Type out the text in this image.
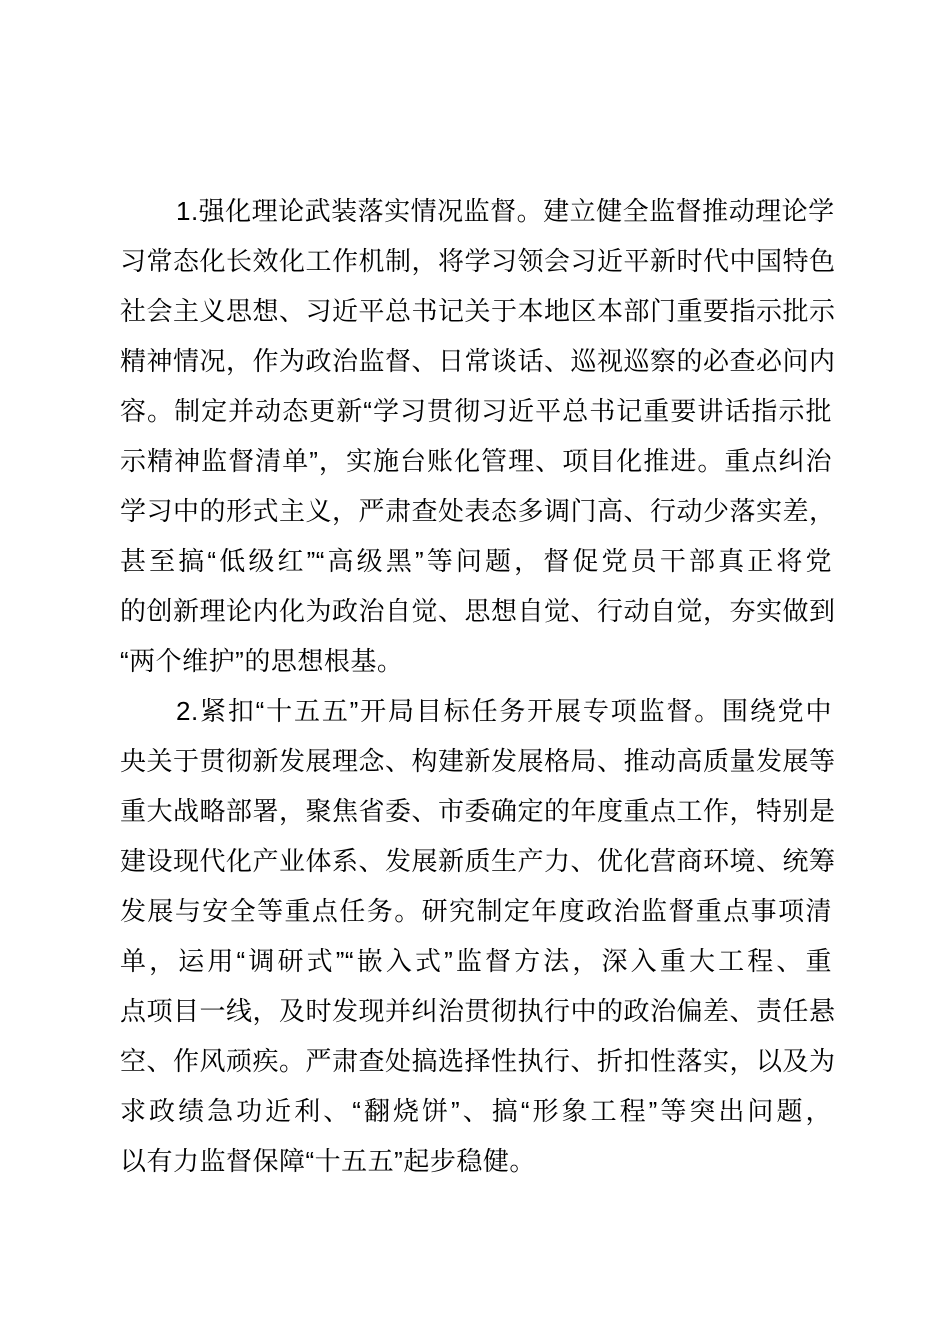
1.强化理论武装落实情况监督。建立健全监督推动理论学
习常态化长效化工作机制，将学习领会习近平新时代中国特色
社会主义思想、习近平总书记关于本地区本部门重要指示批示
精神情况，作为政治监督、日常谈话、巡视巡察的必查必问内
容。制定并动态更新“学习贯彻习近平总书记重要讲话指示批
示精神监督清单”，实施台账化管理、项目化推进。重点纠治
学习中的形式主义，严肃查处表态多调门高、行动少落实差，
甚至搞“低级红”“高级黑”等问题，督促党员干部真正将党
的创新理论内化为政治自觉、思想自觉、行动自觉，夯实做到
“两个维护”的思想根基。
2.紧扣“十五五”开局目标任务开展专项监督。围绕党中
央关于贯彻新发展理念、构建新发展格局、推动高质量发展等
重大战略部署，聚焦省委、市委确定的年度重点工作，特别是
建设现代化产业体系、发展新质生产力、优化营商环境、统筹
发展与安全等重点任务。研究制定年度政治监督重点事项清
单，运用“调研式”“嵌入式”监督方法，深入重大工程、重
点项目一线，及时发现并纠治贯彻执行中的政治偏差、责任悬
空、作风顽疾。严肃查处搞选择性执行、折扣性落实，以及为
求政绩急功近利、“翻烧饼”、搞“形象工程”等突出问题，
以有力监督保障“十五五”起步稳健。
